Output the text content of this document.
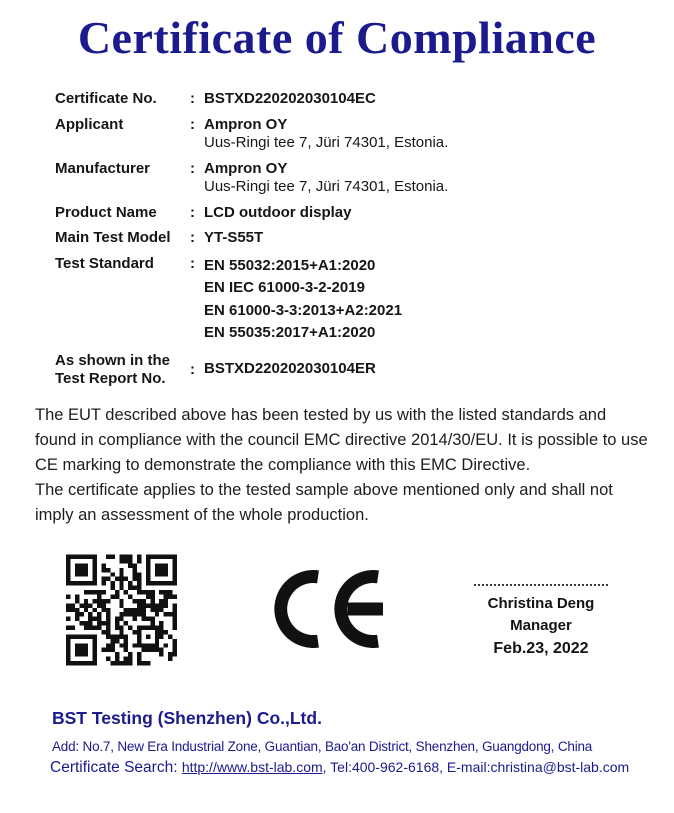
Certificate of Compliance
Certificate No.	: BSTXD220202030104EC
Applicant	: Ampron OY
Uus-Ringi tee 7, Jüri 74301, Estonia.
Manufacturer	: Ampron OY
Uus-Ringi tee 7, Jüri 74301, Estonia.
Product Name	: LCD outdoor display
Main Test Model	: YT-S55T
Test Standard	: EN 55032:2015+A1:2020
EN IEC 61000-3-2-2019
EN 61000-3-3:2013+A2:2021
EN 55035:2017+A1:2020
As shown in the
Test Report No.
: BSTXD220202030104ER
The EUT described above has been tested by us with the listed standards and found in compliance with the council EMC directive 2014/30/EU. It is possible to use CE marking to demonstrate the compliance with this EMC Directive.
The certificate applies to the tested sample above mentioned only and shall not imply an assessment of the whole production.
Christina Deng
Manager
Feb.23, 2022
BST Testing (Shenzhen) Co.,Ltd.
Add: No.7, New Era Industrial Zone, Guantian, Bao'an District, Shenzhen, Guangdong, China
Certificate Search: http://www.bst-lab.com, Tel:400-962-6168, E-mail:christina@bst-lab.com
